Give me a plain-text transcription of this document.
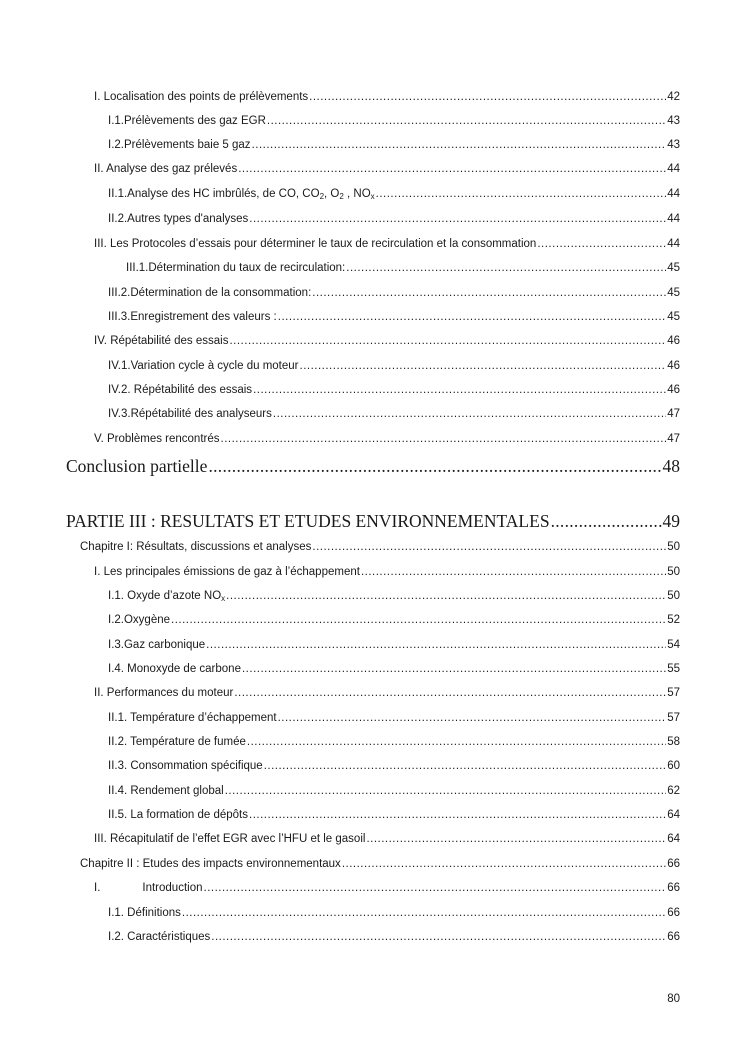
I. Localisation des points de prélèvements .....	42
I.1.Prélèvements des gaz EGR .....	43
I.2.Prélèvements baie 5 gaz .....	43
II. Analyse des gaz prélevés .....	44
II.1.Analyse des HC imbrûlés, de CO, $CO_2$, $O_2$ , $NO_x$ .....	44
II.2.Autres types d'analyses .....	44
III. Les Protocoles d’essais pour déterminer le taux de recirculation et la consommation .....	44
III.1.Détermination du taux de recirculation: .....	45
III.2.Détermination de la consommation: .....	45
III.3.Enregistrement des valeurs : .....	45
IV. Répétabilité des essais .....	46
IV.1.Variation cycle à cycle du moteur .....	46
IV.2. Répétabilité des essais .....	46
IV.3.Répétabilité des analyseurs .....	47
V. Problèmes rencontrés .....	47
Conclusion partielle .....	48
PARTIE III : RESULTATS ET ETUDES ENVIRONNEMENTALES .....	49
Chapitre I: Résultats, discussions et analyses .....	50
I. Les principales émissions de gaz à l’échappement .....	50
I.1. Oxyde d’azote $NO_x$ .....	50
I.2.Oxygène .....	52
I.3.Gaz carbonique .....	54
I.4. Monoxyde de carbone .....	55
II. Performances du moteur .....	57
II.1. Température d’échappement .....	57
II.2. Température de fumée .....	58
II.3. Consommation spécifique .....	60
II.4. Rendement global .....	62
II.5. La formation de dépôts .....	64
III. Récapitulatif de l’effet EGR avec l’HFU et le gasoil .....	64
Chapitre II : Etudes des impacts environnementaux .....	66
I.	Introduction .....	66
I.1. Définitions .....	66
I.2. Caractéristiques .....	66
80
